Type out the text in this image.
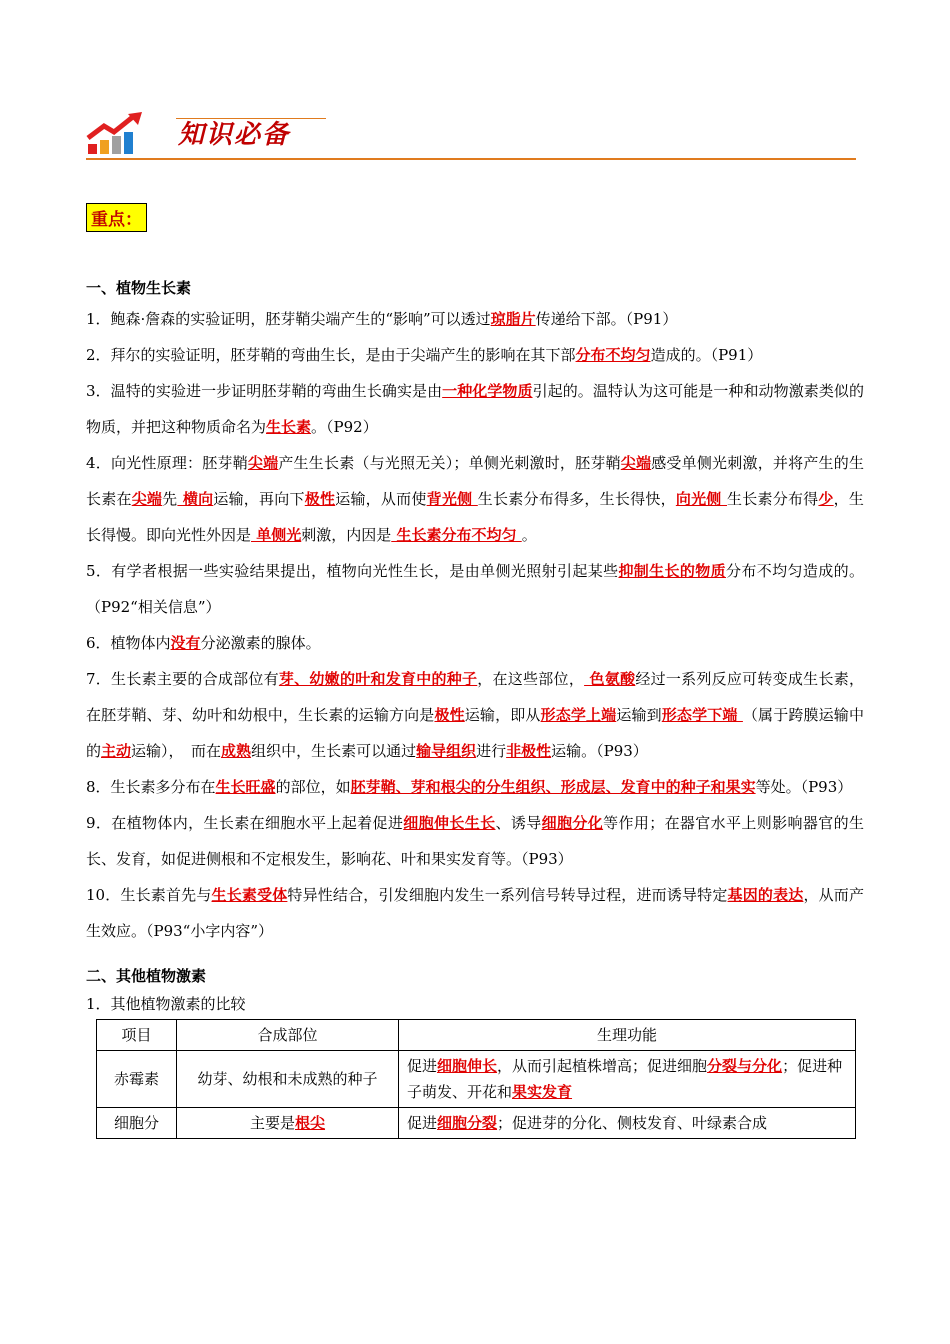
知识必备
重点：
一、植物生长素
1．鲍森·詹森的实验证明，胚芽鞘尖端产生的“影响”可以透过琼脂片传递给下部。（P91）
2．拜尔的实验证明，胚芽鞘的弯曲生长，是由于尖端产生的影响在其下部分布不均匀造成的。（P91）
3．温特的实验进一步证明胚芽鞘的弯曲生长确实是由一种化学物质引起的。温特认为这可能是一种和动物激素类似的物质，并把这种物质命名为生长素。（P92）
4．向光性原理：胚芽鞘尖端产生生长素（与光照无关）；单侧光刺激时，胚芽鞘尖端感受单侧光刺激，并将产生的生长素在尖端先 横向运输，再向下极性运输，从而使背光侧 生长素分布得多，生长得快，向光侧 生长素分布得少，生长得慢。即向光性外因是 单侧光刺激，内因是 生长素分布不均匀 。
5．有学者根据一些实验结果提出，植物向光性生长，是由单侧光照射引起某些抑制生长的物质分布不均匀造成的。（P92“相关信息”）
6．植物体内没有分泌激素的腺体。
7．生长素主要的合成部位有芽、幼嫩的叶和发育中的种子，在这些部位， 色氨酸经过一系列反应可转变成生长素，在胚芽鞘、芽、幼叶和幼根中，生长素的运输方向是极性运输，即从形态学上端运输到形态学下端 （属于跨膜运输中的主动运输），　而在成熟组织中，生长素可以通过输导组织进行非极性运输。（P93）
8．生长素多分布在生长旺盛的部位，如胚芽鞘、芽和根尖的分生组织、形成层、发育中的种子和果实等处。（P93）
9．在植物体内，生长素在细胞水平上起着促进细胞伸长生长、诱导细胞分化等作用；在器官水平上则影响器官的生长、发育，如促进侧根和不定根发生，影响花、叶和果实发育等。（P93）
10．生长素首先与生长素受体特异性结合，引发细胞内发生一系列信号转导过程，进而诱导特定基因的表达，从而产生效应。（P93“小字内容”）
二、其他植物激素
1．其他植物激素的比较
项目	合成部位	生理功能
赤霉素	幼芽、幼根和未成熟的种子	促进细胞伸长，从而引起植株增高；促进细胞分裂与分化；促进种子萌发、开花和果实发育
细胞分	主要是根尖	促进细胞分裂；促进芽的分化、侧枝发育、叶绿素合成
